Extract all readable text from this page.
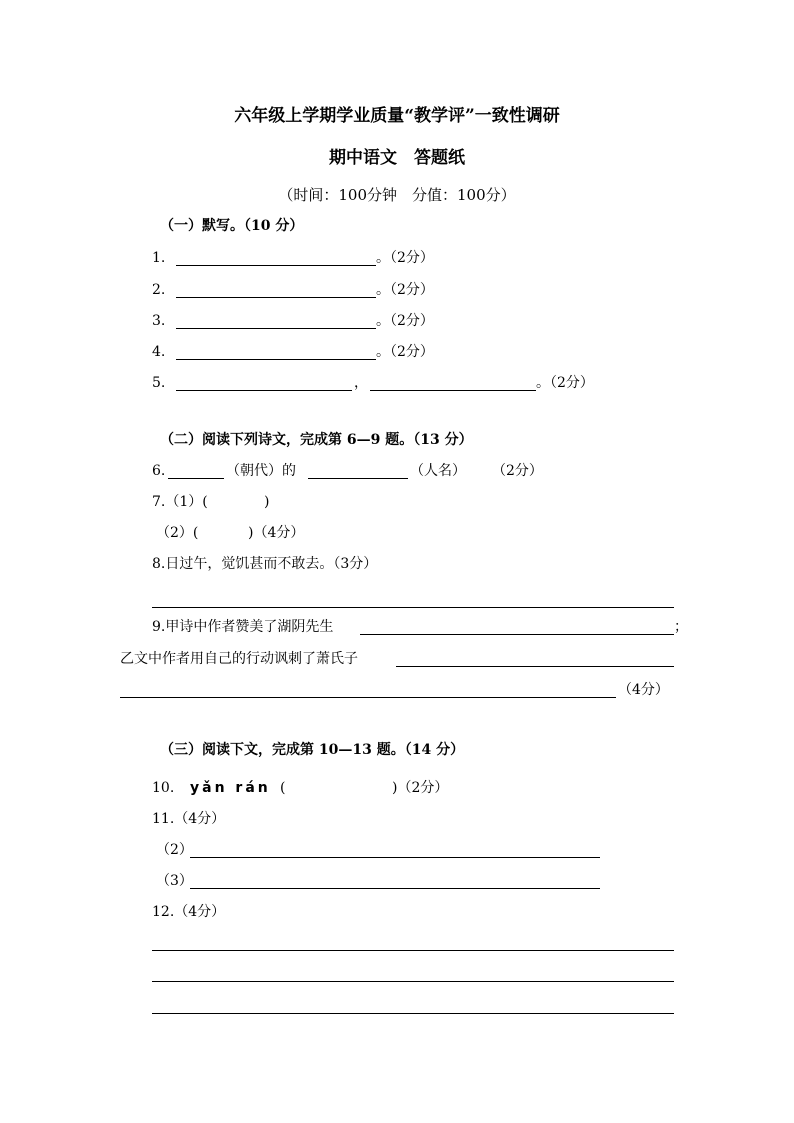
六年级上学期学业质量“教学评”一致性调研
期中语文　答题纸
（时间：100分钟　分值：100分）
（一）默写。（10 分）
1.	。（2分）
2.	。（2分）
3.	。（2分）
4.	。（2分）
5.	，	。（2分）
（二）阅读下列诗文，完成第 6—9 题。（13 分）
6.	（朝代）的	（人名） （2分）
7.（1）(	)
（2）(	)（4分）
8.日过午，觉饥甚而不敢去。（3分）
9.甲诗中作者赞美了湖阴先生	；
乙文中作者用自己的行动讽刺了萧氏子
（4分）
（三）阅读下文，完成第 10—13 题。（14 分）
10. yǎn rán (	)（2分）
11.（4分）
（2）
（3）
12.（4分）
